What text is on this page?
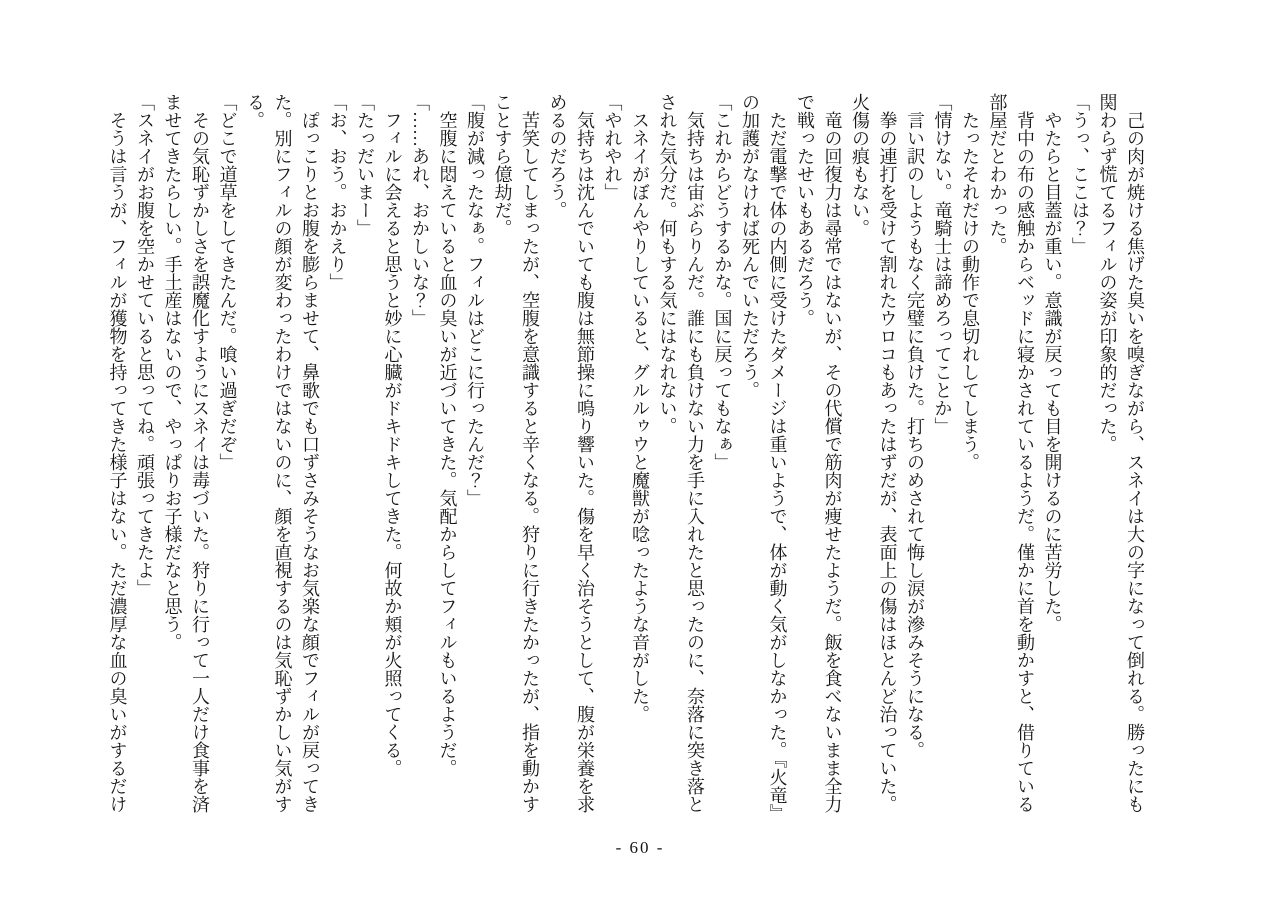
己の肉が焼ける焦げた臭いを嗅ぎながら、スネイは大の字になって倒れる。勝ったにも関わらず慌てるフィルの姿が印象的だった。

「うっ、ここは？」

やたらと目蓋が重い。意識が戻っても目を開けるのに苦労した。

背中の布の感触からベッドに寝かされているようだ。僅かに首を動かすと、借りている部屋だとわかった。

たったそれだけの動作で息切れしてしまう。

「情けない。竜騎士は諦めろってことか」

言い訳のしようもなく完璧に負けた。打ちのめされて悔し涙が滲みそうになる。

拳の連打を受けて割れたウロコもあったはずだが、表面上の傷はほとんど治っていた。火傷の痕もない。

竜の回復力は尋常ではないが、その代償で筋肉が痩せたようだ。飯を食べないまま全力で戦ったせいもあるだろう。

ただ電撃で体の内側に受けたダメージは重いようで、体が動く気がしなかった。『火竜』の加護がなければ死んでいただろう。

「これからどうするかな。国に戻ってもなぁ」

気持ちは宙ぶらりんだ。誰にも負けない力を手に入れたと思ったのに、奈落に突き落とされた気分だ。何もする気にはなれない。

スネイがぼんやりしていると、グルルゥウと魔獣が唸ったような音がした。

「やれやれ」

気持ちは沈んでいても腹は無節操に鳴り響いた。傷を早く治そうとして、腹が栄養を求めるのだろう。

苦笑してしまったが、空腹を意識すると辛くなる。狩りに行きたかったが、指を動かすことすら億劫だ。

「腹が減ったなぁ。フィルはどこに行ったんだ？」

空腹に悶えていると血の臭いが近づいてきた。気配からしてフィルもいるようだ。

「……あれ、おかしいな？」

フィルに会えると思うと妙に心臓がドキドキしてきた。何故か頬が火照ってくる。

「たっだいまー」

「お、おう。おかえり」

ぽっこりとお腹を膨らませて、鼻歌でも口ずさみそうなお気楽な顔でフィルが戻ってきた。別にフィルの顔が変わったわけではないのに、顔を直視するのは気恥ずかしい気がする。

「どこで道草をしてきたんだ。喰い過ぎだぞ」

その気恥ずかしさを誤魔化すようにスネイは毒づいた。狩りに行って一人だけ食事を済ませてきたらしい。手土産はないので、やっぱりお子様だなと思う。

「スネイがお腹を空かせていると思ってね。頑張ってきたよ」

そうは言うが、フィルが獲物を持ってきた様子はない。ただ濃厚な血の臭いがするだけ

- 60 -
